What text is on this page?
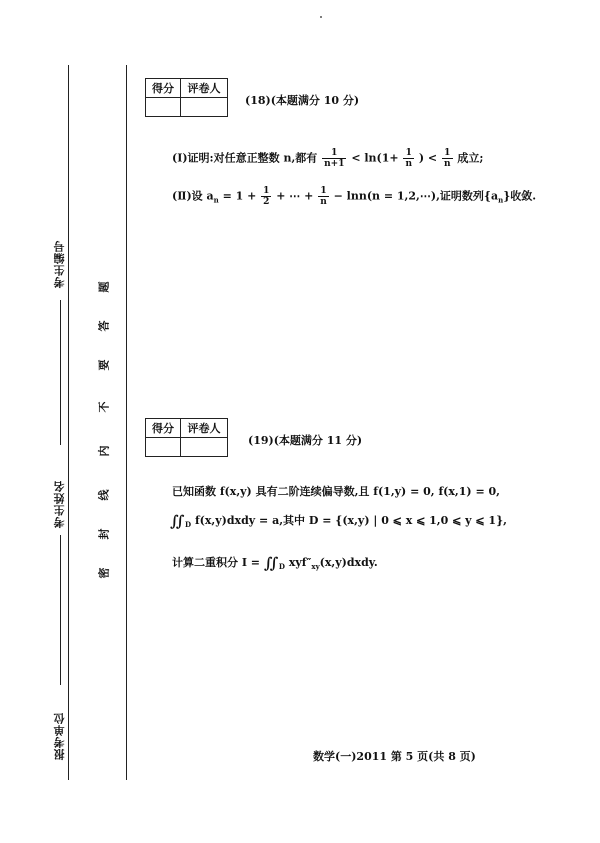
考生编号
考生姓名
报考单位
密
封
线
内
不
要
答
题
得分	评卷人

(18)(本题满分 10 分)
(Ⅰ)证明:对任意正整数 n,都有 $\frac{1}{n+1} < \ln(1+ \frac{1}{n}$ ) < $\frac{1}{n}$ 成立;
(Ⅱ)设 $a_n = 1 + \frac{1}{2}$ + ⋯ + $\frac{1}{n} - \ln n(n$ = 1,2,⋯),证明数列$\{a_n\}$收敛.
得分	评卷人

(19)(本题满分 11 分)
已知函数 f(x,y) 具有二阶连续偏导数,且 f(1,y) = 0, f(x,1) = 0,
$∬_D$ f(x,y)dxdy = a,其中 D = {(x,y) | 0 ⩽ x ⩽ 1,0 ⩽ y ⩽ 1},
计算二重积分 $I = ∬_D$ $xyf''_{xy}(x,y)dxdy$.
数学(一)2011 第 5 页(共 8 页)
